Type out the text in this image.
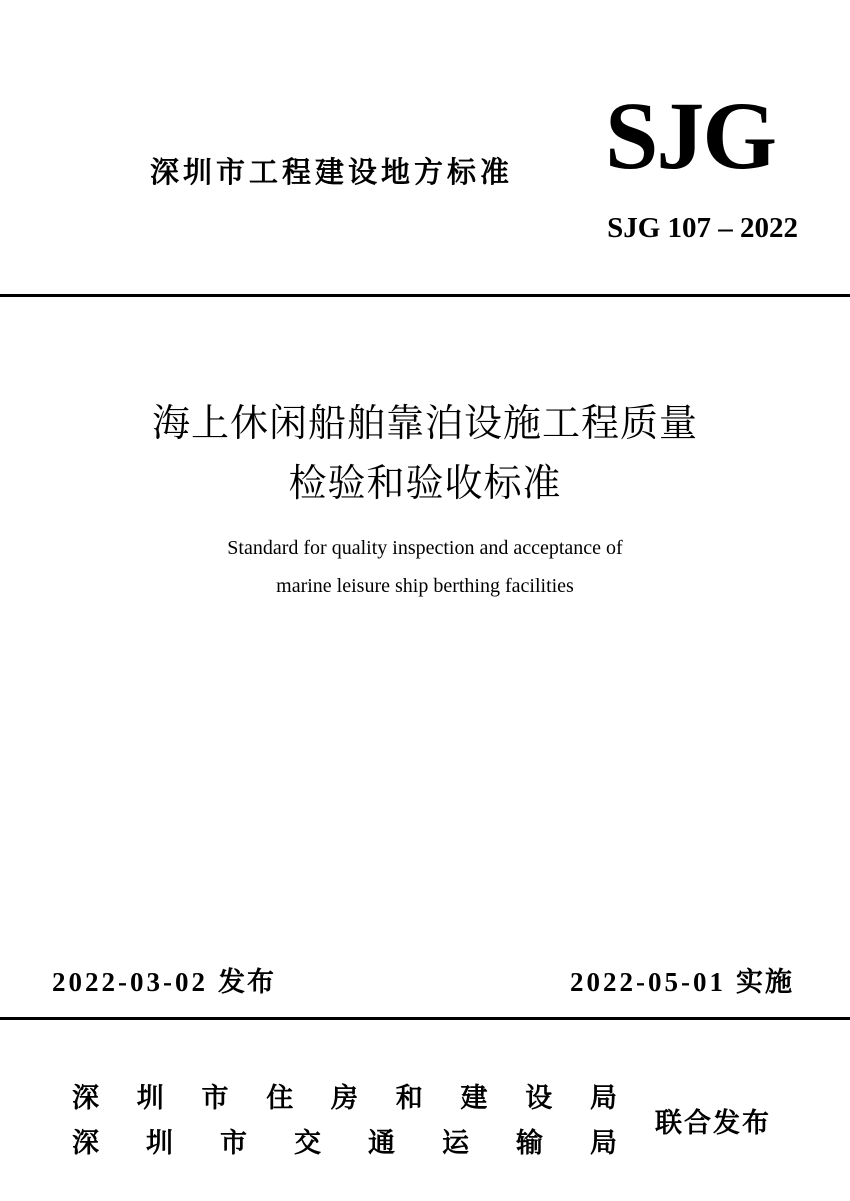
深圳市工程建设地方标准 SJG
SJG 107 – 2022
海上休闲船舶靠泊设施工程质量
检验和验收标准
Standard for quality inspection and acceptance of
marine leisure ship berthing facilities
2022-03-02 发布	2022-05-01 实施
深 圳 市 住 房 和 建 设 局
深 圳 市 交 通 运 输 局
联合发布
